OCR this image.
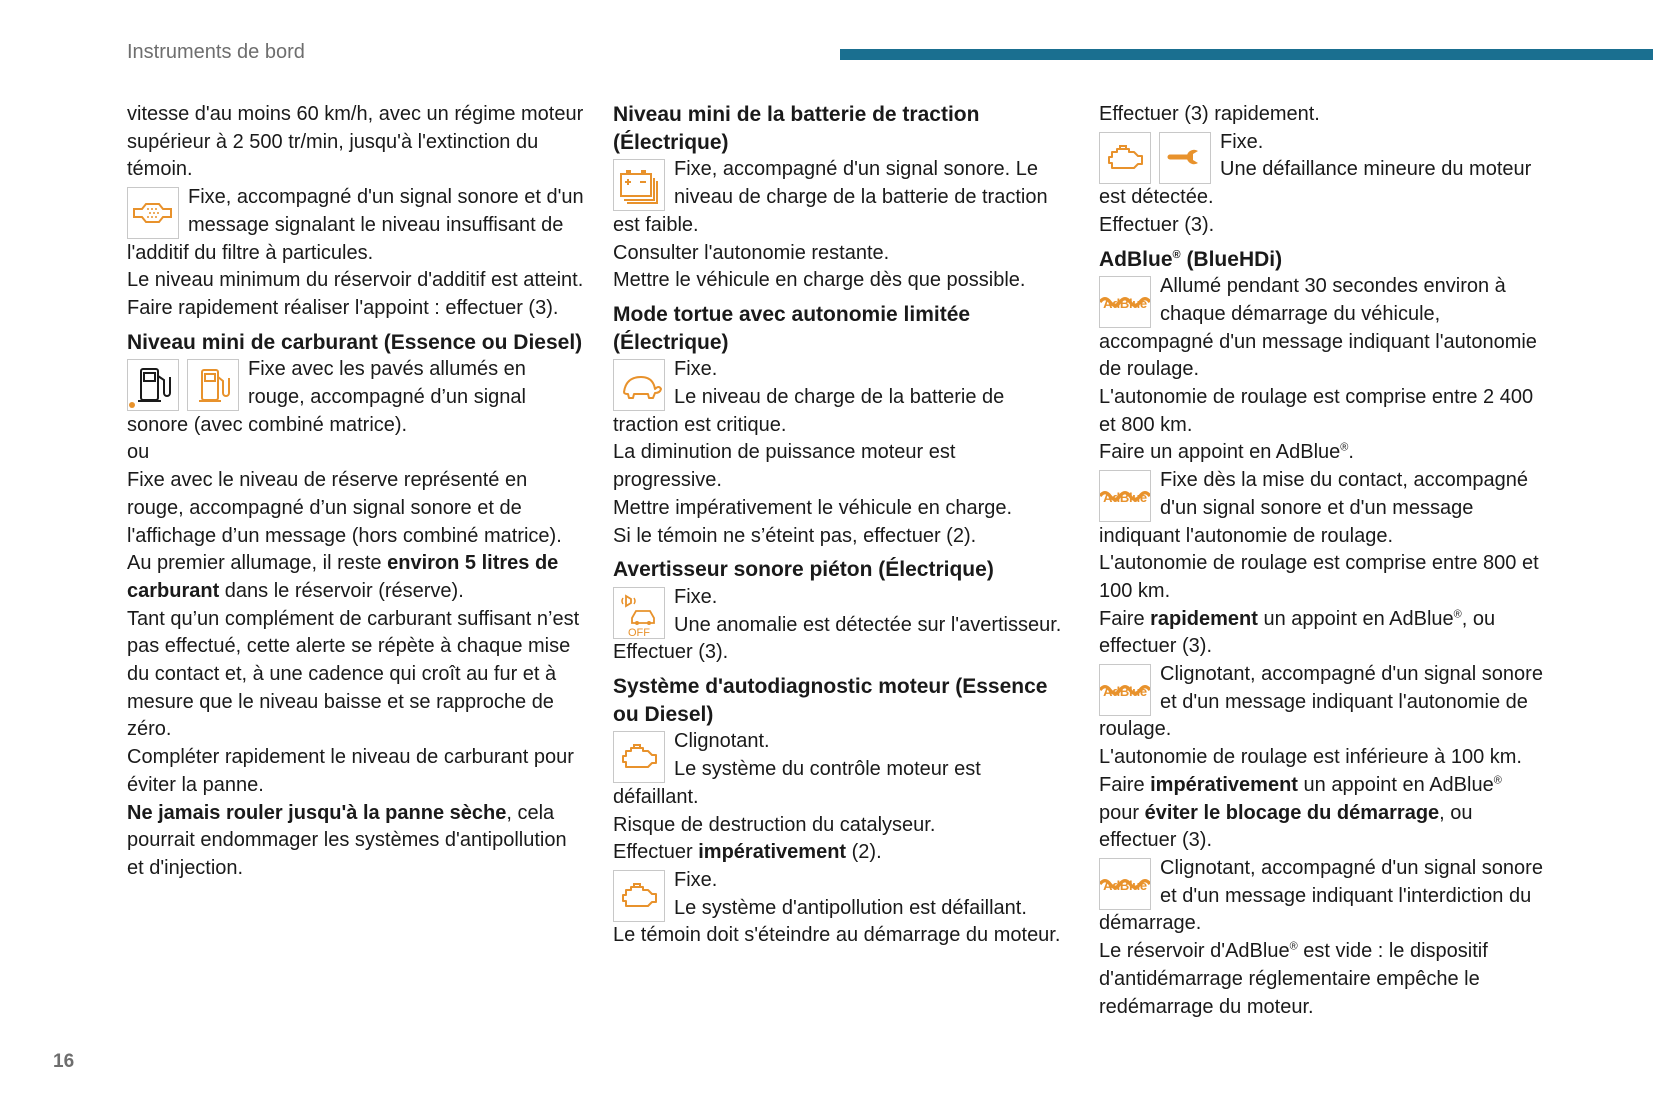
Instruments de bord

vitesse d'au moins 60 km/h, avec un régime moteur supérieur à 2 500 tr/min, jusqu'à l'extinction du témoin.

Fixe, accompagné d'un signal sonore et d'un message signalant le niveau insuffisant de l'additif du filtre à particules.

Le niveau minimum du réservoir d'additif est atteint.

Faire rapidement réaliser l'appoint : effectuer (3).

Niveau mini de carburant (Essence ou Diesel)

Fixe avec les pavés allumés en rouge, accompagné d’un signal sonore (avec combiné matrice).

ou

Fixe avec le niveau de réserve représenté en rouge, accompagné d’un signal sonore et de l'affichage d’un message (hors combiné matrice).

Au premier allumage, il reste environ 5 litres de carburant dans le réservoir (réserve).

Tant qu’un complément de carburant suffisant n’est pas effectué, cette alerte se répète à chaque mise du contact et, à une cadence qui croît au fur et à mesure que le niveau baisse et se rapproche de zéro.

Compléter rapidement le niveau de carburant pour éviter la panne.

Ne jamais rouler jusqu'à la panne sèche, cela pourrait endommager les systèmes d'antipollution et d'injection.

Niveau mini de la batterie de traction (Électrique)

Fixe, accompagné d'un signal sonore. Le niveau de charge de la batterie de traction est faible.

Consulter l'autonomie restante.

Mettre le véhicule en charge dès que possible.

Mode tortue avec autonomie limitée (Électrique)

Fixe.

Le niveau de charge de la batterie de traction est critique.

La diminution de puissance moteur est progressive.

Mettre impérativement le véhicule en charge.

Si le témoin ne s’éteint pas, effectuer (2).

Avertisseur sonore piéton (Électrique)
OFF

Fixe.

Une anomalie est détectée sur l'avertisseur.

Effectuer (3).

Système d'autodiagnostic moteur (Essence ou Diesel)

Clignotant.

Le système du contrôle moteur est défaillant.

Risque de destruction du catalyseur.

Effectuer impérativement (2).

Fixe.

Le système d'antipollution est défaillant.

Le témoin doit s'éteindre au démarrage du moteur.

Effectuer (3) rapidement.

Fixe.

Une défaillance mineure du moteur est détectée.

Effectuer (3).

AdBlue® (BlueHDi)
AdBlue

Allumé pendant 30 secondes environ à chaque démarrage du véhicule, accompagné d'un message indiquant l'autonomie de roulage.

L'autonomie de roulage est comprise entre 2 400 et 800 km.

Faire un appoint en AdBlue®.

AdBlue

Fixe dès la mise du contact, accompagné d'un signal sonore et d'un message indiquant l'autonomie de roulage.

L'autonomie de roulage est comprise entre 800 et 100 km.

Faire rapidement un appoint en AdBlue®, ou effectuer (3).

AdBlue

Clignotant, accompagné d'un signal sonore et d'un message indiquant l'autonomie de roulage.

L'autonomie de roulage est inférieure à 100 km.

Faire impérativement un appoint en AdBlue®
pour éviter le blocage du démarrage, ou effectuer (3).

AdBlue

Clignotant, accompagné d'un signal sonore et d'un message indiquant l'interdiction du démarrage.

Le réservoir d'AdBlue® est vide : le dispositif d'antidémarrage réglementaire empêche le redémarrage du moteur.

16
